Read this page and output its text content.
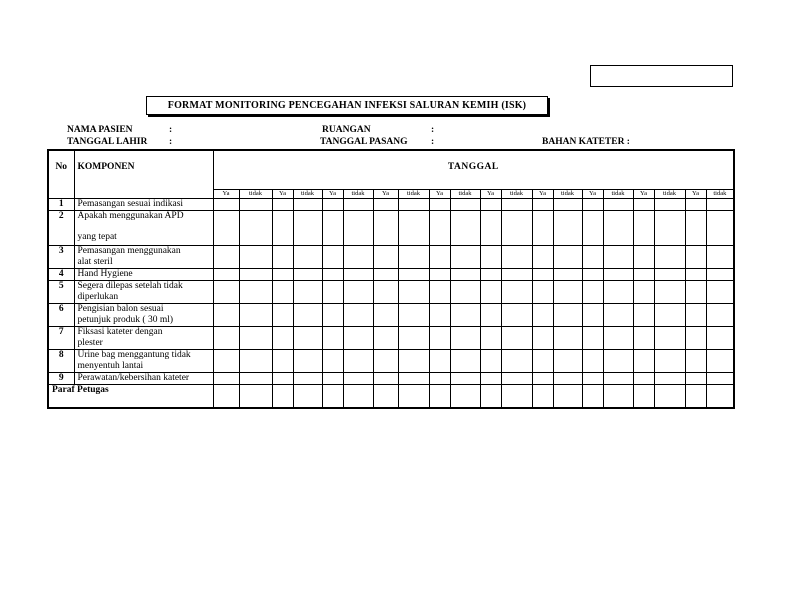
FORMAT MONITORING PENCEGAHAN INFEKSI SALURAN KEMIH (ISK)
NAMA PASIEN	:
TANGGAL LAHIR :
RUANGAN	:
TANGGAL PASANG :	BAHAN KATETER :
No	KOMPONEN	TANGGAL																			
		Ya	tidak	Ya	tidak	Ya	tidak	Ya	tidak	Ya	tidak	Ya	tidak	Ya	tidak	Ya	tidak	Ya	tidak	Ya	tidak
1	Pemasangan sesuai indikasi																				

2	Apakah menggunakan APD
yang tepat																				

3	Pemasangan menggunakan
alat steril																				

4	Hand Hygiene																				

5	Segera dilepas setelah tidak
diperlukan																				

6	Pengisian balon sesuai
petunjuk produk ( 30 ml)																				

7	Fiksasi kateter dengan
plester																				

8	Urine bag menggantung tidak
menyentuh lantai																				

9	Perawatan/kebersihan kateter																				

Paraf Petugas																					
